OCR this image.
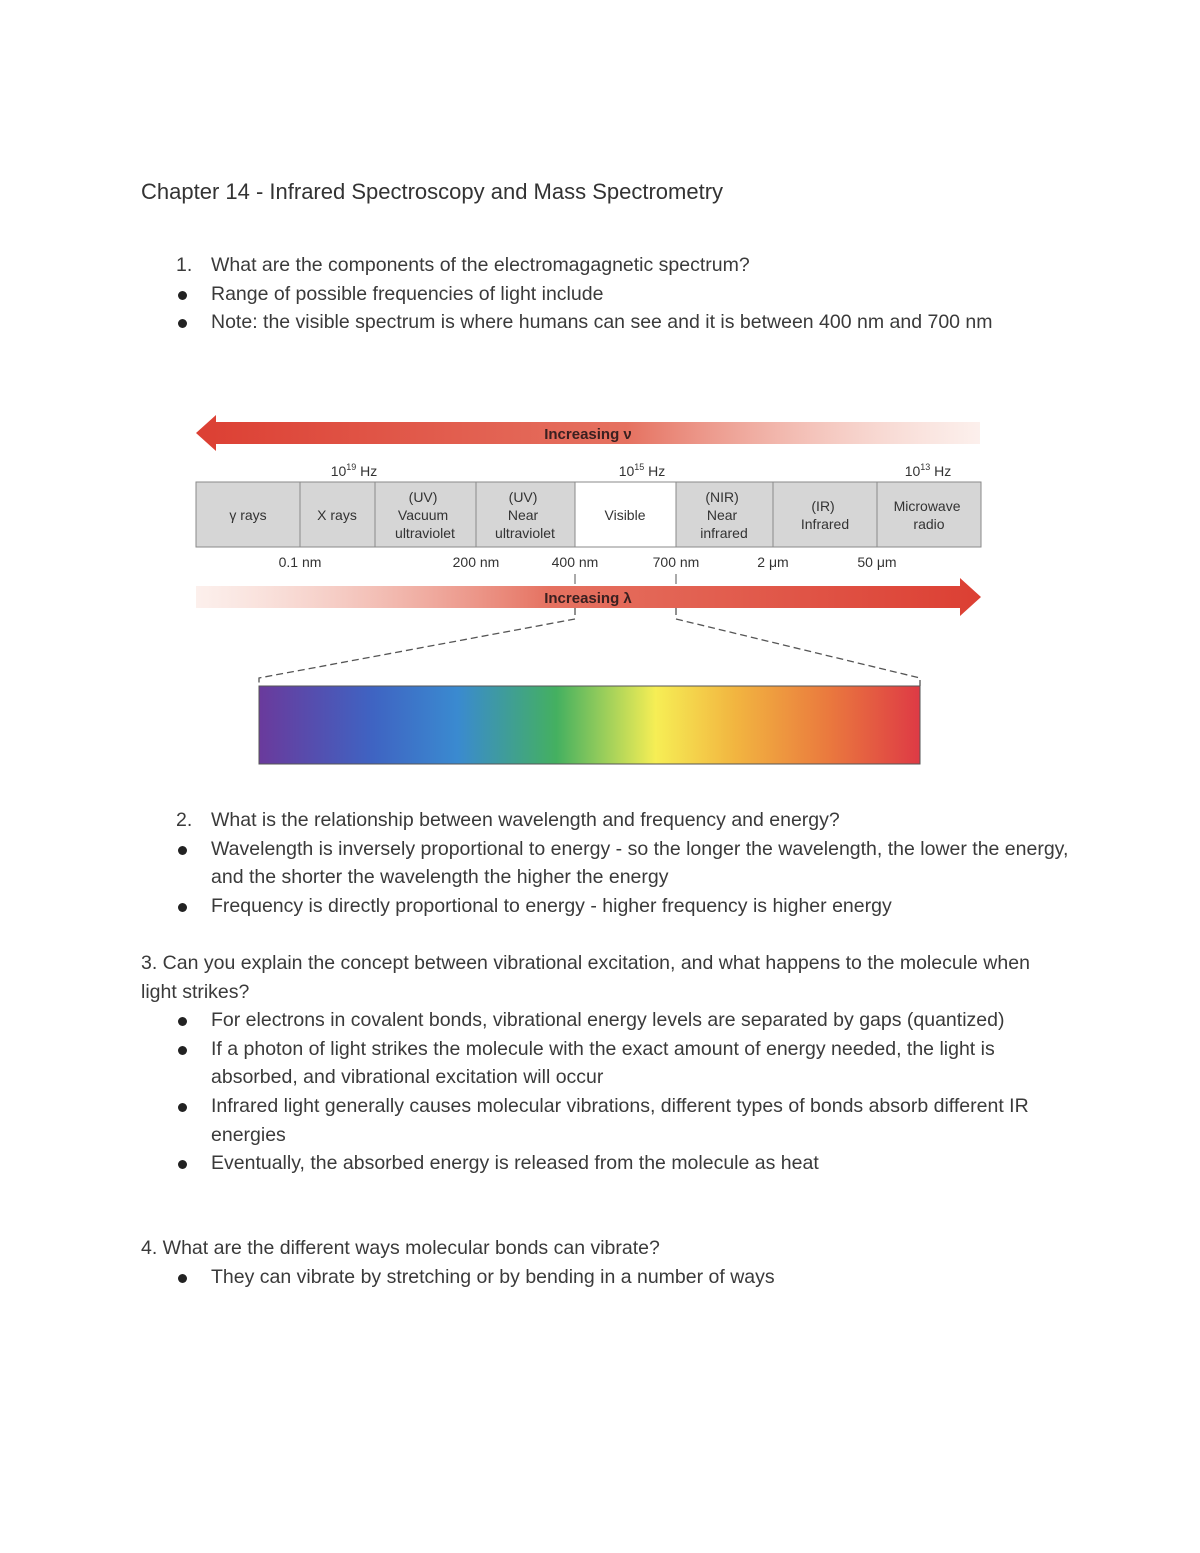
Chapter 14 - Infrared Spectroscopy and Mass Spectrometry
1. What are the components of the electromagagnetic spectrum?
Range of possible frequencies of light include
Note: the visible spectrum is where humans can see and it is between 400 nm and 700 nm
Increasing ν
$10^{19}$ Hz	$10^{15}$ Hz	$10^{13}$ Hz
γ rays	X rays
(UV) Vacuum ultraviolet
(UV) Near ultraviolet
Visible
(NIR) Near infrared
(IR) Infrared
Microwave radio
0.1 nm	200 nm	400 nm	700 nm	2 μm	50 μm
Increasing λ
2. What is the relationship between wavelength and frequency and energy?
Wavelength is inversely proportional to energy - so the longer the wavelength, the lower the energy, and the shorter the wavelength the higher the energy
Frequency is directly proportional to energy - higher frequency is higher energy
3. Can you explain the concept between vibrational excitation, and what happens to the molecule when light strikes?
For electrons in covalent bonds, vibrational energy levels are separated by gaps (quantized)
If a photon of light strikes the molecule with the exact amount of energy needed, the light is absorbed, and vibrational excitation will occur
Infrared light generally causes molecular vibrations, different types of bonds absorb different IR energies
Eventually, the absorbed energy is released from the molecule as heat
4. What are the different ways molecular bonds can vibrate?
They can vibrate by stretching or by bending in a number of ways
